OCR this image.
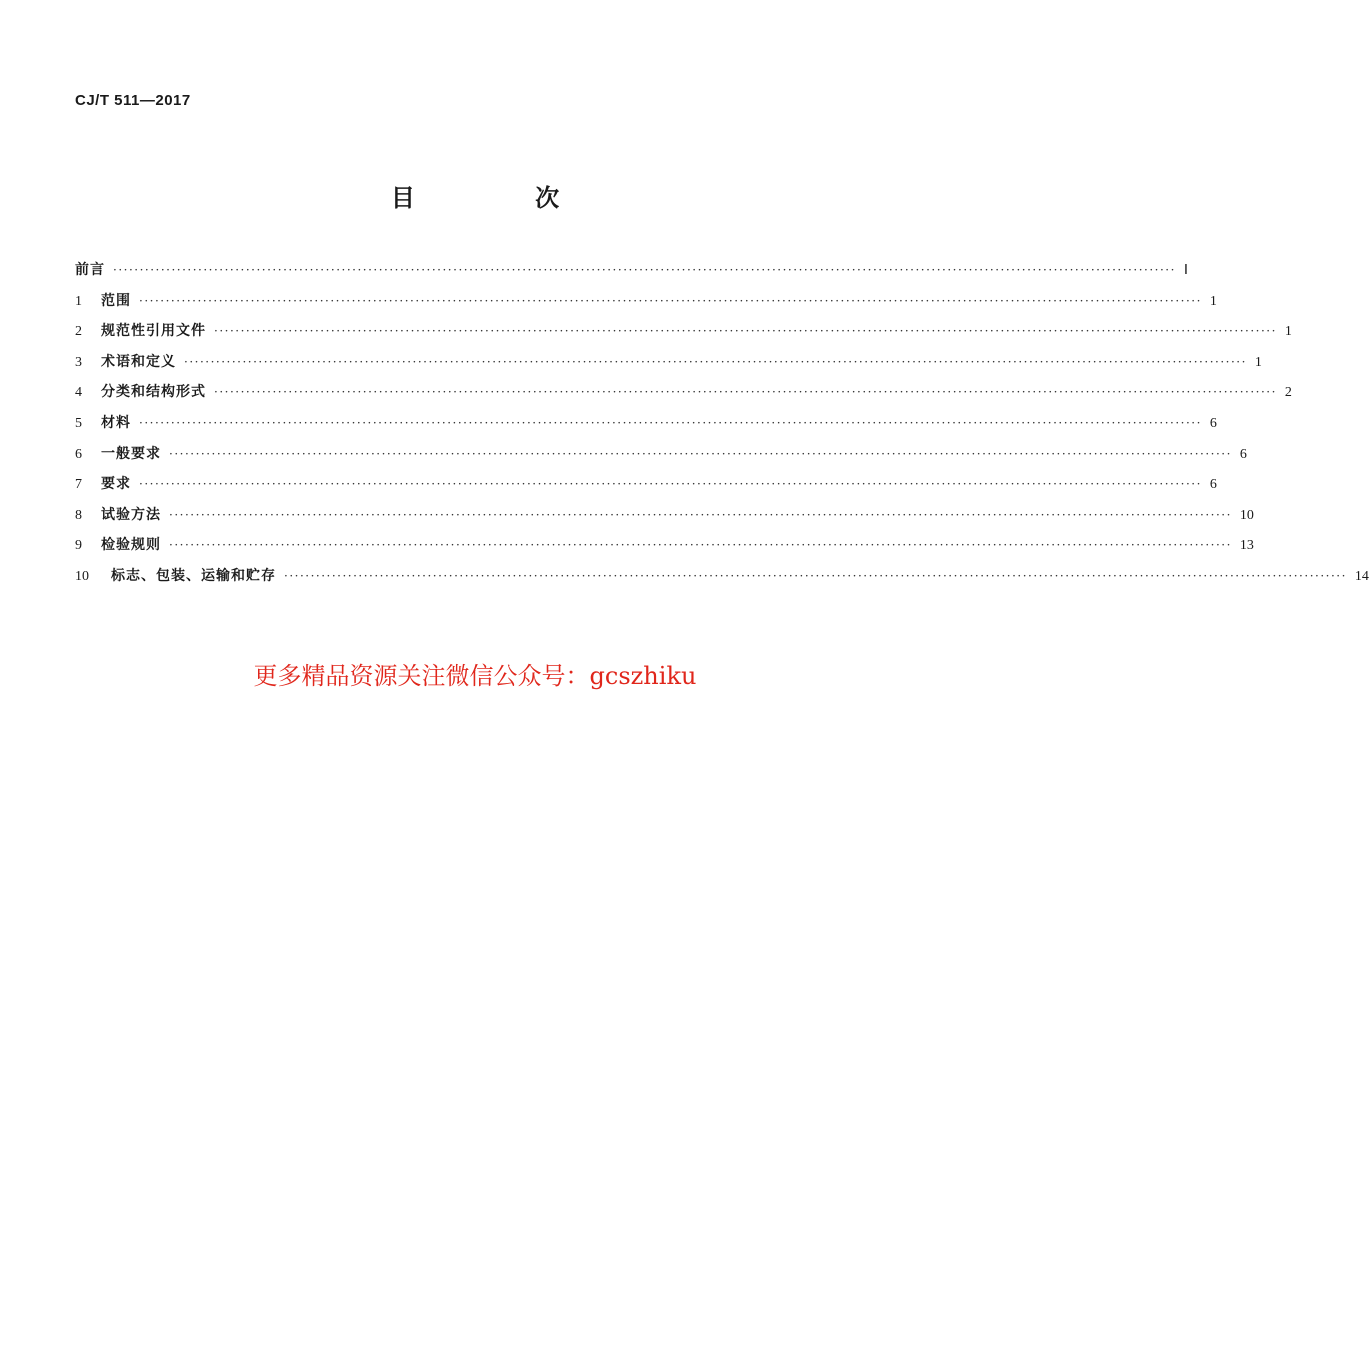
CJ/T 511—2017
目 次
前言 ········································································································································································································ Ⅰ
1	范围 ········································································································································································································ 1
2	规范性引用文件 ········································································································································································································ 1
3	术语和定义 ········································································································································································································ 1
4	分类和结构形式 ········································································································································································································ 2
5	材料 ········································································································································································································ 6
6	一般要求 ········································································································································································································ 6
7	要求 ········································································································································································································ 6
8	试验方法 ········································································································································································································ 10
9	检验规则 ········································································································································································································ 13
10	标志、包装、运输和贮存 ········································································································································································································ 14
更多精品资源关注微信公众号：gcszhiku
